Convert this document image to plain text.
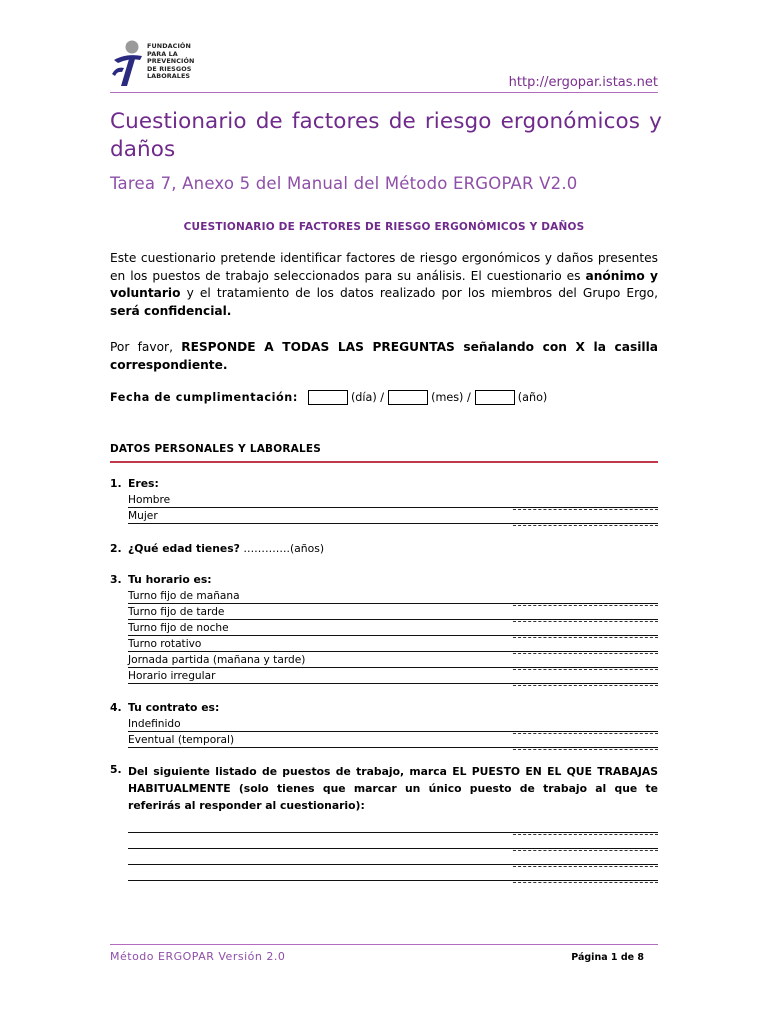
FUNDACIÓN
PARA LA
PREVENCIÓN
DE RIESGOS
LABORALES	http://ergopar.istas.net
Cuestionario de factores de riesgo ergonómicos y daños
Tarea 7, Anexo 5 del Manual del Método ERGOPAR V2.0
CUESTIONARIO DE FACTORES DE RIESGO ERGONÓMICOS Y DAÑOS
Este cuestionario pretende identificar factores de riesgo ergonómicos y daños presentes en los puestos de trabajo seleccionados para su análisis. El cuestionario es anónimo y voluntario y el tratamiento de los datos realizado por los miembros del Grupo Ergo, será confidencial.
Por favor, RESPONDE A TODAS LAS PREGUNTAS señalando con X la casilla correspondiente.
Fecha de cumplimentación:	(día) /	(mes) /	(año)
DATOS PERSONALES Y LABORALES
1. Eres:
Hombre
Mujer
2. ¿Qué edad tienes? ………….(años)
3. Tu horario es:
Turno fijo de mañana
Turno fijo de tarde
Turno fijo de noche
Turno rotativo
Jornada partida (mañana y tarde)
Horario irregular
4. Tu contrato es:
Indefinido
Eventual (temporal)
5. Del siguiente listado de puestos de trabajo, marca EL PUESTO EN EL QUE TRABAJAS HABITUALMENTE (solo tienes que marcar un único puesto de trabajo al que te referirás al responder al cuestionario):
Método ERGOPAR Versión 2.0	Página 1 de 8
